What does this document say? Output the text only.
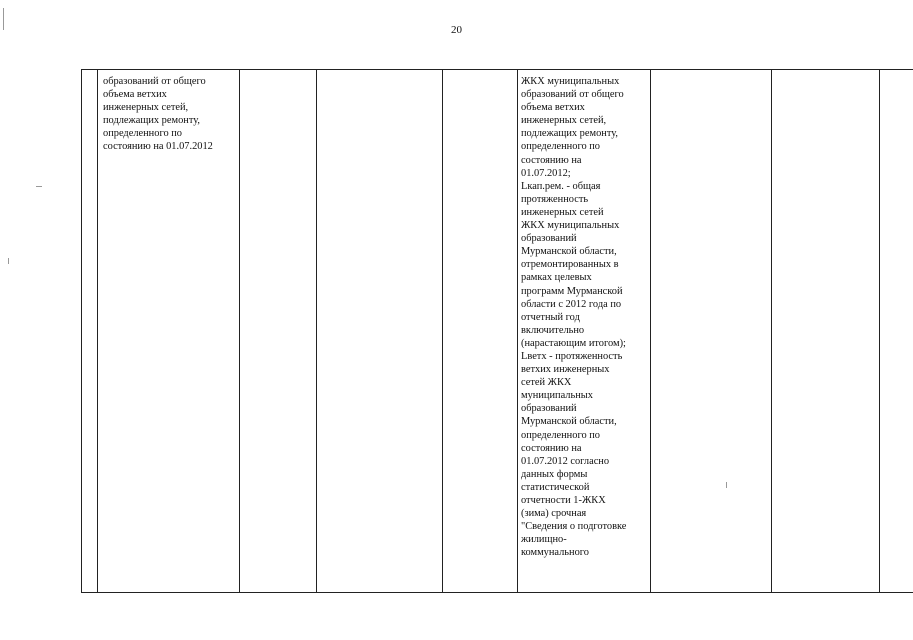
20
	образований от общего
объема ветхих
инженерных сетей,
подлежащих ремонту,
определенного по
состоянию на 01.07.2012				ЖКХ муниципальных
образований от общего
объема ветхих
инженерных сетей,
подлежащих ремонту,
определенного по
состоянию на
01.07.2012;
Lкап.рем. - общая
протяженность
инженерных сетей
ЖКХ муниципальных
образований
Мурманской области,
отремонтированных в
рамках целевых
программ Мурманской
области с 2012 года по
отчетный год
включительно
(нарастающим итогом);
Lветх - протяженность
ветхих инженерных
сетей ЖКХ
муниципальных
образований
Мурманской области,
определенного по
состоянию на
01.07.2012 согласно
данных формы
статистической
отчетности 1-ЖКХ
(зима) срочная
"Сведения о подготовке
жилищно-
коммунального			
